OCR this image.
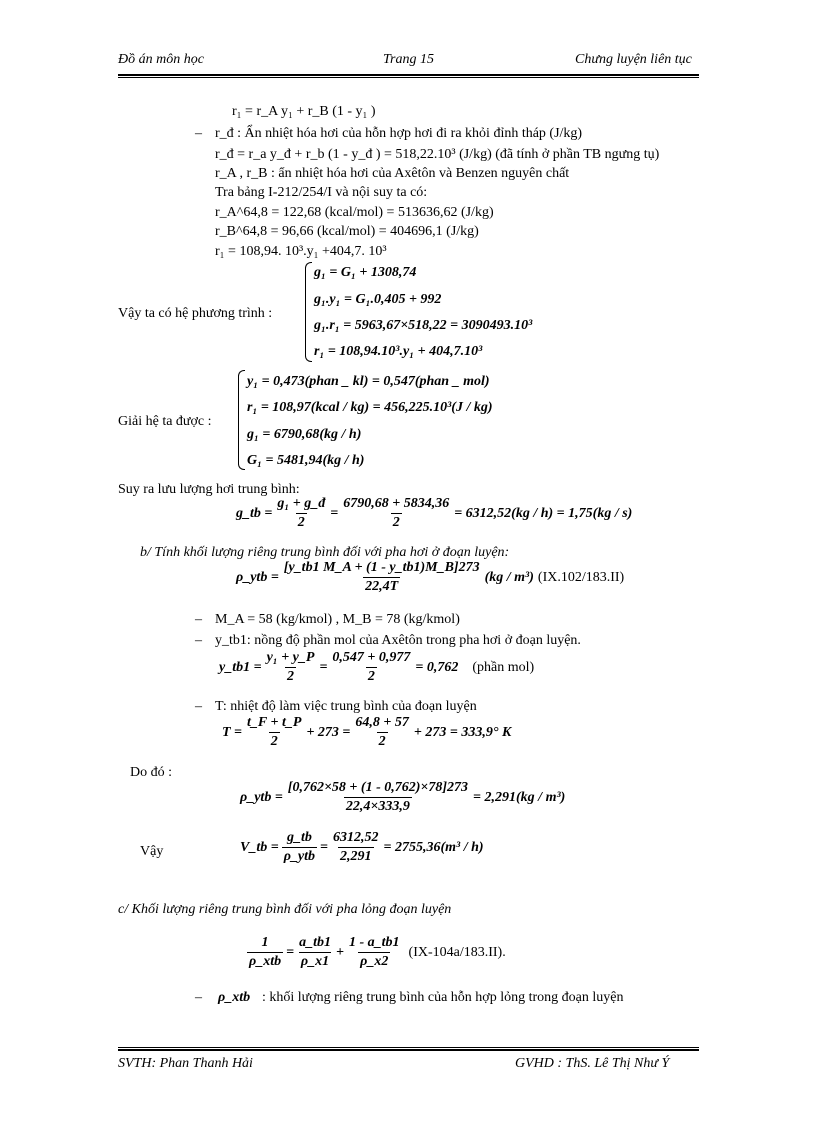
Đồ án môn học	Trang 15	Chưng luyện liên tục
r₁ = r_A y₁ + r_B (1 - y₁ )
– r_đ : Ẩn nhiệt hóa hơi của hỗn hợp hơi đi ra khỏi đỉnh tháp (J/kg)
r_đ = r_a y_đ + r_b (1 - y_đ ) = 518,22.10³ (J/kg) (đã tính ở phần TB ngưng tụ)
r_A , r_B : ẩn nhiệt hóa hơi của Axêtôn và Benzen nguyên chất
Tra bảng I-212/254/I và nội suy ta có:
r_A^64,8 = 122,68 (kcal/mol) = 513636,62 (J/kg)
r_B^64,8 = 96,66 (kcal/mol) = 404696,1 (J/kg)
r₁ = 108,94. 10³.y₁ +404,7. 10³
Vậy ta có hệ phương trình :
g₁ = G₁ + 1308,74
g₁.y₁ = G₁.0,405 + 992
g₁.r₁ = 5963,67×518,22 = 3090493.10³
r₁ = 108,94.10³.y₁ + 404,7.10³
Giải hệ ta được :
y₁ = 0,473(phan _ kl) = 0,547(phan _ mol)
r₁ = 108,97(kcal / kg) = 456,225.10³(J / kg)
g₁ = 6790,68(kg / h)
G₁ = 5481,94(kg / h)
Suy ra lưu lượng hơi trung bình:
g_tb = $\frac{\text{g₁ + g\_đ}}{2} = \frac{6790,68 + 5834,36}{2} = 6312,52(kg / h) = 1,75(kg / s)$
b/ Tính khối lượng riêng trung bình đối với pha hơi ở đoạn luyện:
ρ_ytb = $\frac{[y\_tb1 M\_A + (1 - y\_tb1)M\_B]273}{22,4T} (kg / m^3)$ (IX.102/183.II)
– M_A = 58 (kg/kmol) , M_B = 78 (kg/kmol)
– y_tb1: nồng độ phần mol của Axêtôn trong pha hơi ở đoạn luyện.
y_tb1 = $\frac{\text{y₁ + y\_P}}{2} = \frac{0,547 + 0,977}{2} = 0,762$ (phần mol)
– T: nhiệt độ làm việc trung bình của đoạn luyện
$T = \frac{t\_F + t\_P}{2} + 273 = \frac{64,8 + 57}{2} + 273 = 333,9^\circ$ K
Do đó :
ρ_ytb = $\frac{[0,762\times 58 + (1 - 0,762)\times 78]273}{22,4\times 333,9} = 2,291(kg / m^3)$
Vậy	V_tb = $\frac{g\_tb}{\text{ρ\_ytb}} = \frac{6312,52}{2,291} = 2755,36(m^3 / h)$
c/ Khối lượng riêng trung bình đối với pha lỏng đoạn luyện
$\frac{1}{\text{ρ\_xtb}} = \frac{a\_tb1}{\rho\_x1} + \frac{1 - a\_tb1}{\rho\_x2} (IX-104a/183.II)$.
– ρ_xtb : khối lượng riêng trung bình của hỗn hợp lỏng trong đoạn luyện
SVTH: Phan Thanh Hải	GVHD : ThS. Lê Thị Như Ý
